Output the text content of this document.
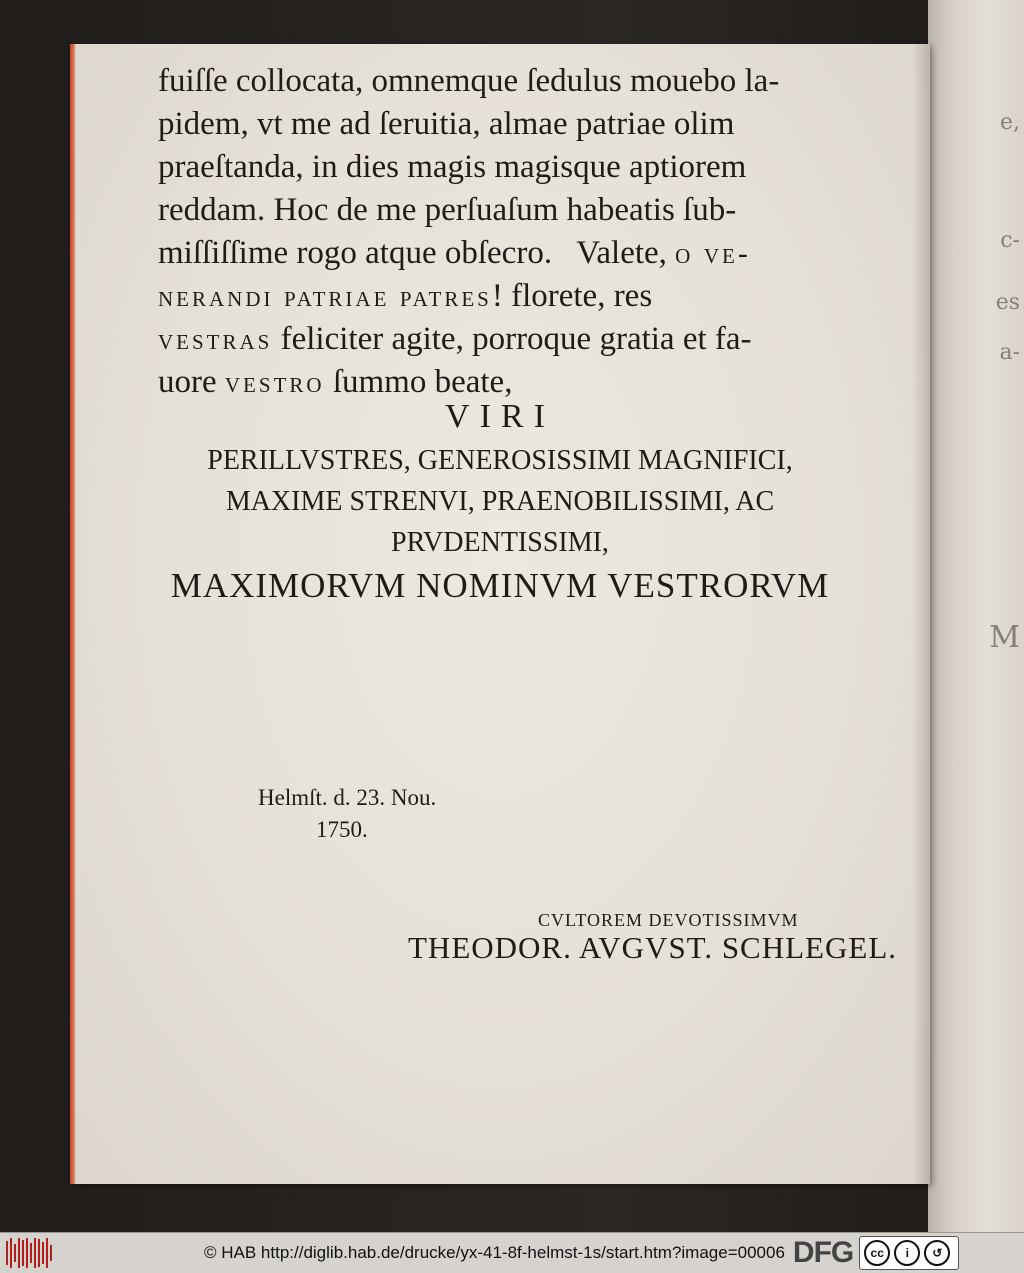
e,
c-
es
a-
M
fuiſſe collocata, omnemque ſedulus mouebo la-
pidem, vt me ad ſeruitia, almae patriae olim
praeſtanda, in dies magis magisque aptiorem
reddam. Hoc de me perſuaſum habeatis ſub-
miſſiſſime rogo atque obſecro.   Valete, o ve-
nerandi patriae patres! florete, res
vestras feliciter agite, porroque gratia et fa-
uore vestro ſummo beate,
VIRI
PERILLVSTRES, GENEROSISSIMI MAGNIFICI,
MAXIME STRENVI, PRAENOBILISSIMI, AC
PRVDENTISSIMI,
MAXIMORVM NOMINVM VESTRORVM
Helmſt. d. 23. Nou.
1750.
CVLTOREM DEVOTISSIMVM
THEODOR. AVGVST. SCHLEGEL.
© HAB http://diglib.hab.de/drucke/yx-41-8f-helmst-1s/start.htm?image=00006 DFG	cc	i	↺
